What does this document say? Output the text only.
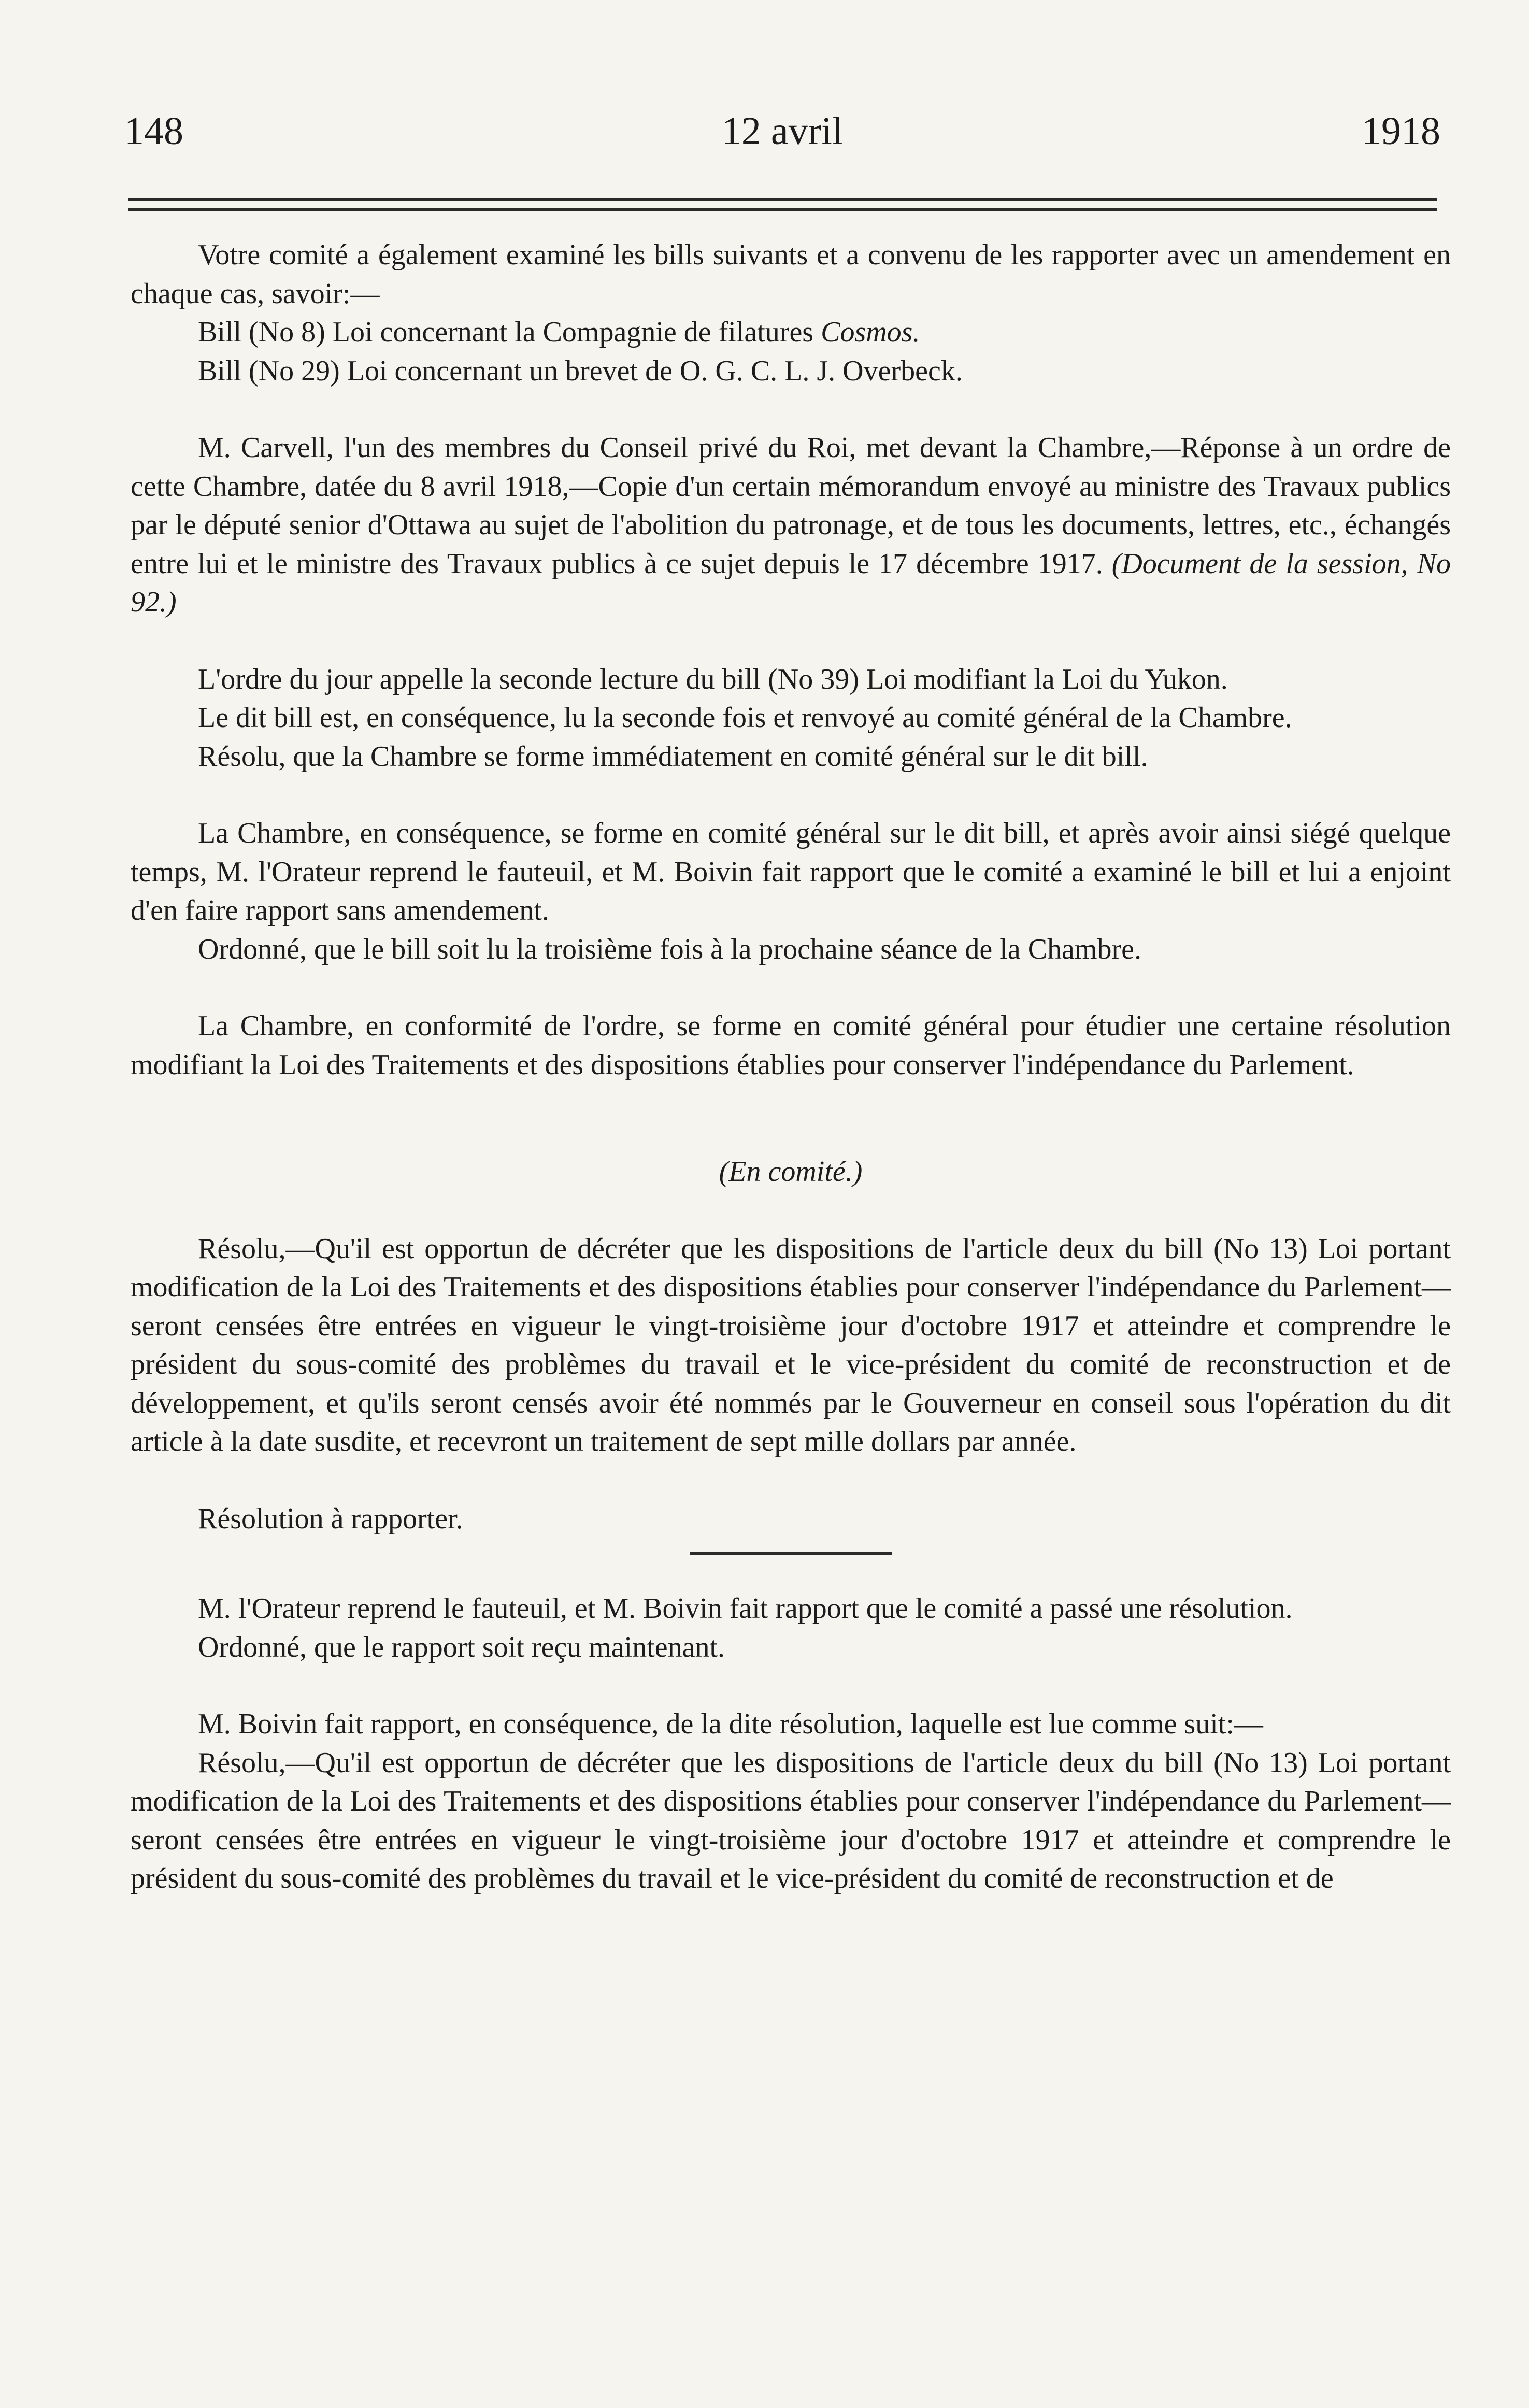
148	12 avril	1918

Votre comité a également examiné les bills suivants et a convenu de les rapporter avec un amendement en chaque cas, savoir:—

Bill (No 8) Loi concernant la Compagnie de filatures Cosmos.

Bill (No 29) Loi concernant un brevet de O. G. C. L. J. Overbeck.

M. Carvell, l'un des membres du Conseil privé du Roi, met devant la Chambre,—Réponse à un ordre de cette Chambre, datée du 8 avril 1918,—Copie d'un certain mémorandum envoyé au ministre des Travaux publics par le député senior d'Ottawa au sujet de l'abolition du patronage, et de tous les documents, lettres, etc., échangés entre lui et le ministre des Travaux publics à ce sujet depuis le 17 décembre 1917. (Document de la session, No 92.)

L'ordre du jour appelle la seconde lecture du bill (No 39) Loi modifiant la Loi du Yukon.

Le dit bill est, en conséquence, lu la seconde fois et renvoyé au comité général de la Chambre.

Résolu, que la Chambre se forme immédiatement en comité général sur le dit bill.

La Chambre, en conséquence, se forme en comité général sur le dit bill, et après avoir ainsi siégé quelque temps, M. l'Orateur reprend le fauteuil, et M. Boivin fait rapport que le comité a examiné le bill et lui a enjoint d'en faire rapport sans amendement.

Ordonné, que le bill soit lu la troisième fois à la prochaine séance de la Chambre.

La Chambre, en conformité de l'ordre, se forme en comité général pour étudier une certaine résolution modifiant la Loi des Traitements et des dispositions établies pour conserver l'indépendance du Parlement.

(En comité.)

Résolu,—Qu'il est opportun de décréter que les dispositions de l'article deux du bill (No 13) Loi portant modification de la Loi des Traitements et des dispositions établies pour conserver l'indépendance du Parlement—seront censées être entrées en vigueur le vingt-troisième jour d'octobre 1917 et atteindre et comprendre le président du sous-comité des problèmes du travail et le vice-président du comité de reconstruction et de développement, et qu'ils seront censés avoir été nommés par le Gouverneur en conseil sous l'opération du dit article à la date susdite, et recevront un traitement de sept mille dollars par année.

Résolution à rapporter.

M. l'Orateur reprend le fauteuil, et M. Boivin fait rapport que le comité a passé une résolution.

Ordonné, que le rapport soit reçu maintenant.

M. Boivin fait rapport, en conséquence, de la dite résolution, laquelle est lue comme suit:—

Résolu,—Qu'il est opportun de décréter que les dispositions de l'article deux du bill (No 13) Loi portant modification de la Loi des Traitements et des dispositions établies pour conserver l'indépendance du Parlement—seront censées être entrées en vigueur le vingt-troisième jour d'octobre 1917 et atteindre et comprendre le président du sous-comité des problèmes du travail et le vice-président du comité de reconstruction et de
